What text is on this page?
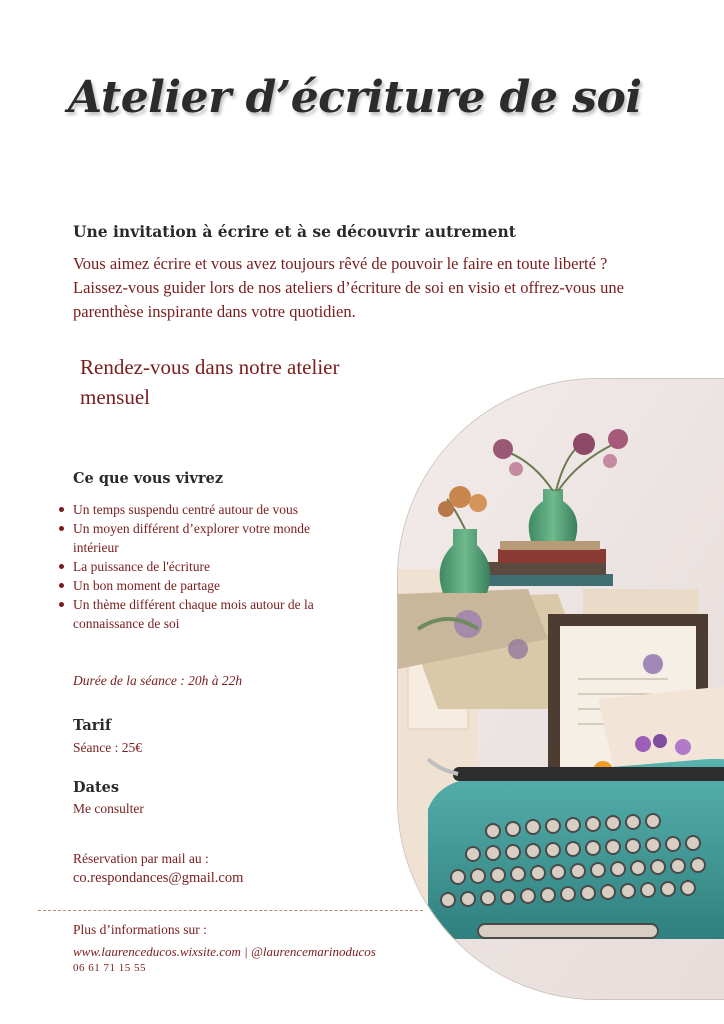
Atelier d’écriture de soi
Une invitation à écrire et à se découvrir autrement
Vous aimez écrire et vous avez toujours rêvé de pouvoir le faire en toute liberté ? Laissez-vous guider lors de nos ateliers d’écriture de soi en visio et offrez-vous une parenthèse inspirante dans votre quotidien.
Rendez-vous dans notre atelier mensuel
Ce que vous vivrez
Un temps suspendu centré autour de vous
Un moyen différent d’explorer votre monde intérieur
La puissance de l'écriture
Un bon moment de partage
Un thème différent chaque mois autour de la connaissance de soi
Durée de la séance : 20h à 22h
Tarif
Séance : 25€
Dates
Me consulter
Réservation par mail au :
co.respondances@gmail.com
Plus d’informations sur :
www.laurenceducos.wixsite.com | @laurencemarinoducos
06 61 71 15 55
